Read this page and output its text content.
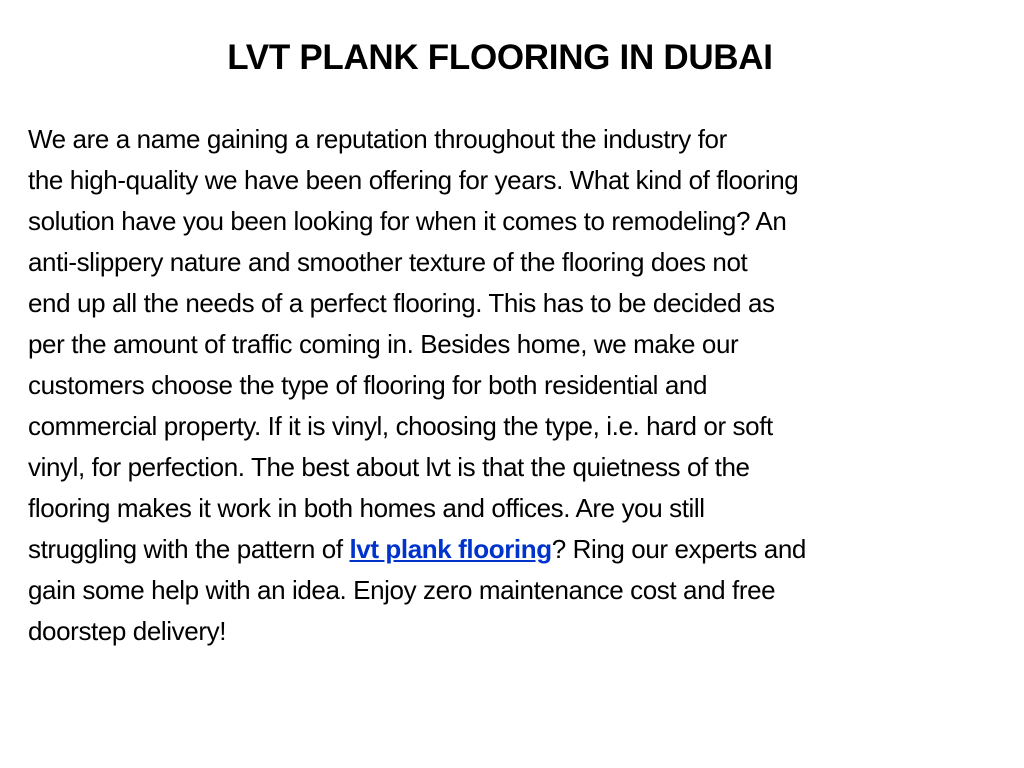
LVT PLANK FLOORING IN DUBAI

We are a name gaining a reputation throughout the industry for
the high-quality we have been offering for years. What kind of flooring
solution have you been looking for when it comes to remodeling? An
anti-slippery nature and smoother texture of the flooring does not
end up all the needs of a perfect flooring. This has to be decided as
per the amount of traffic coming in. Besides home, we make our
customers choose the type of flooring for both residential and
commercial property. If it is vinyl, choosing the type, i.e. hard or soft
vinyl, for perfection. The best about lvt is that the quietness of the
flooring makes it work in both homes and offices. Are you still
struggling with the pattern of lvt plank flooring? Ring our experts and
gain some help with an idea. Enjoy zero maintenance cost and free
doorstep delivery!
